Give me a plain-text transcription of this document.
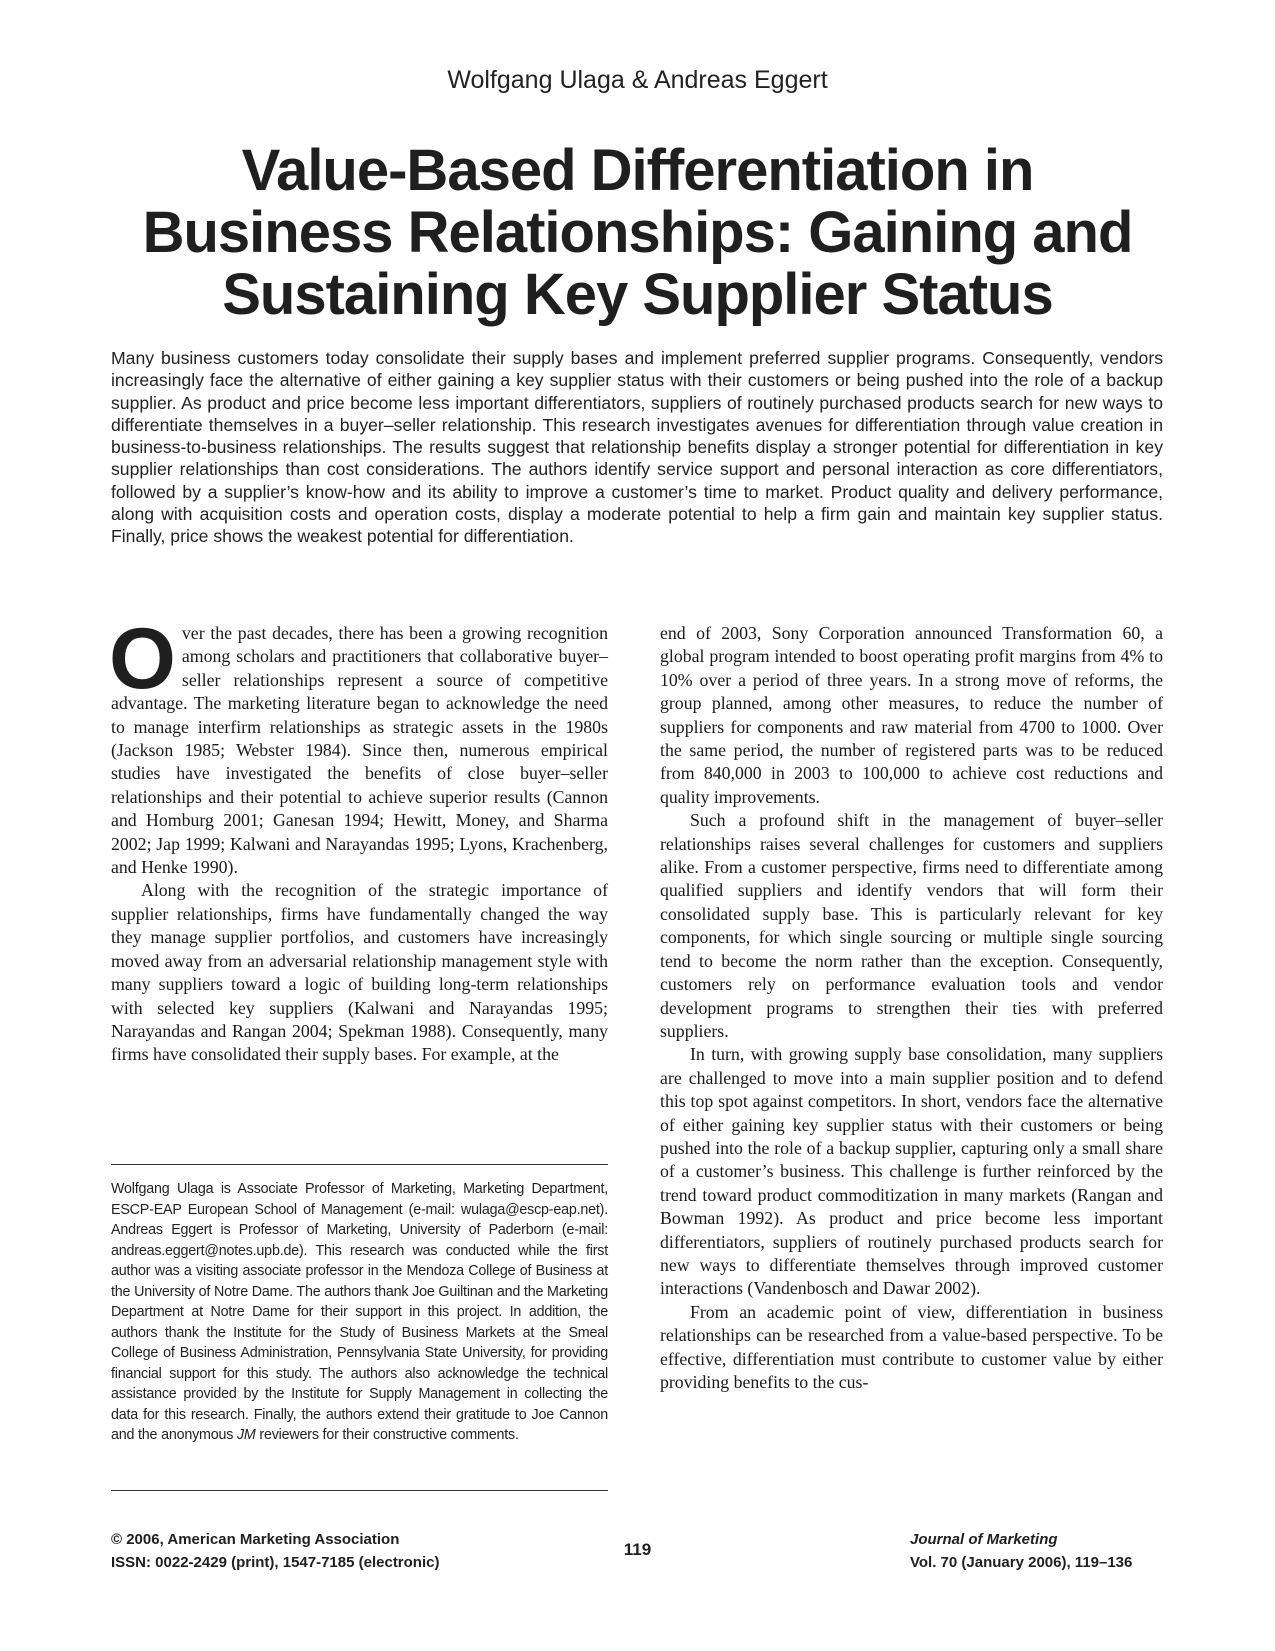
Wolfgang Ulaga & Andreas Eggert
Value-Based Differentiation in
Business Relationships: Gaining and
Sustaining Key Supplier Status
Many business customers today consolidate their supply bases and implement preferred supplier programs. Consequently, vendors increasingly face the alternative of either gaining a key supplier status with their customers or being pushed into the role of a backup supplier. As product and price become less important differentiators, suppliers of routinely purchased products search for new ways to differentiate themselves in a buyer–seller relationship. This research investigates avenues for differentiation through value creation in business-to-business relationships. The results suggest that relationship benefits display a stronger potential for differentiation in key supplier relationships than cost considerations. The authors identify service support and personal interaction as core differentiators, followed by a supplier’s know-how and its ability to improve a customer’s time to market. Product quality and delivery performance, along with acquisition costs and operation costs, display a moderate potential to help a firm gain and maintain key supplier status. Finally, price shows the weakest potential for differentiation.

Over the past decades, there has been a growing recognition among scholars and practitioners that collaborative buyer–seller relationships represent a source of competitive advantage. The marketing literature began to acknowledge the need to manage interfirm relationships as strategic assets in the 1980s (Jackson 1985; Webster 1984). Since then, numerous empirical studies have investigated the benefits of close buyer–seller relationships and their potential to achieve superior results (Cannon and Homburg 2001; Ganesan 1994; Hewitt, Money, and Sharma 2002; Jap 1999; Kalwani and Narayandas 1995; Lyons, Krachenberg, and Henke 1990).

Along with the recognition of the strategic importance of supplier relationships, firms have fundamentally changed the way they manage supplier portfolios, and customers have increasingly moved away from an adversarial relationship management style with many suppliers toward a logic of building long-term relationships with selected key suppliers (Kalwani and Narayandas 1995; Narayandas and Rangan 2004; Spekman 1988). Consequently, many firms have consolidated their supply bases. For example, at the

Wolfgang Ulaga is Associate Professor of Marketing, Marketing Department, ESCP-EAP European School of Management (e-mail: wulaga@escp-eap.net). Andreas Eggert is Professor of Marketing, University of Paderborn (e-mail: andreas.eggert@notes.upb.de). This research was conducted while the first author was a visiting associate professor in the Mendoza College of Business at the University of Notre Dame. The authors thank Joe Guiltinan and the Marketing Department at Notre Dame for their support in this project. In addition, the authors thank the Institute for the Study of Business Markets at the Smeal College of Business Administration, Pennsylvania State University, for providing financial support for this study. The authors also acknowledge the technical assistance provided by the Institute for Supply Management in collecting the data for this research. Finally, the authors extend their gratitude to Joe Cannon and the anonymous JM reviewers for their constructive comments.

end of 2003, Sony Corporation announced Transformation 60, a global program intended to boost operating profit margins from 4% to 10% over a period of three years. In a strong move of reforms, the group planned, among other measures, to reduce the number of suppliers for components and raw material from 4700 to 1000. Over the same period, the number of registered parts was to be reduced from 840,000 in 2003 to 100,000 to achieve cost reductions and quality improvements.

Such a profound shift in the management of buyer–seller relationships raises several challenges for customers and suppliers alike. From a customer perspective, firms need to differentiate among qualified suppliers and identify vendors that will form their consolidated supply base. This is particularly relevant for key components, for which single sourcing or multiple single sourcing tend to become the norm rather than the exception. Consequently, customers rely on performance evaluation tools and vendor development programs to strengthen their ties with preferred suppliers.

In turn, with growing supply base consolidation, many suppliers are challenged to move into a main supplier position and to defend this top spot against competitors. In short, vendors face the alternative of either gaining key supplier status with their customers or being pushed into the role of a backup supplier, capturing only a small share of a customer’s business. This challenge is further reinforced by the trend toward product commoditization in many markets (Rangan and Bowman 1992). As product and price become less important differentiators, suppliers of routinely purchased products search for new ways to differentiate themselves through improved customer interactions (Vandenbosch and Dawar 2002).

From an academic point of view, differentiation in business relationships can be researched from a value-based perspective. To be effective, differentiation must contribute to customer value by either providing benefits to the cus-

© 2006, American Marketing Association
ISSN: 0022-2429 (print), 1547-7185 (electronic)
119
Journal of Marketing
Vol. 70 (January 2006), 119–136
